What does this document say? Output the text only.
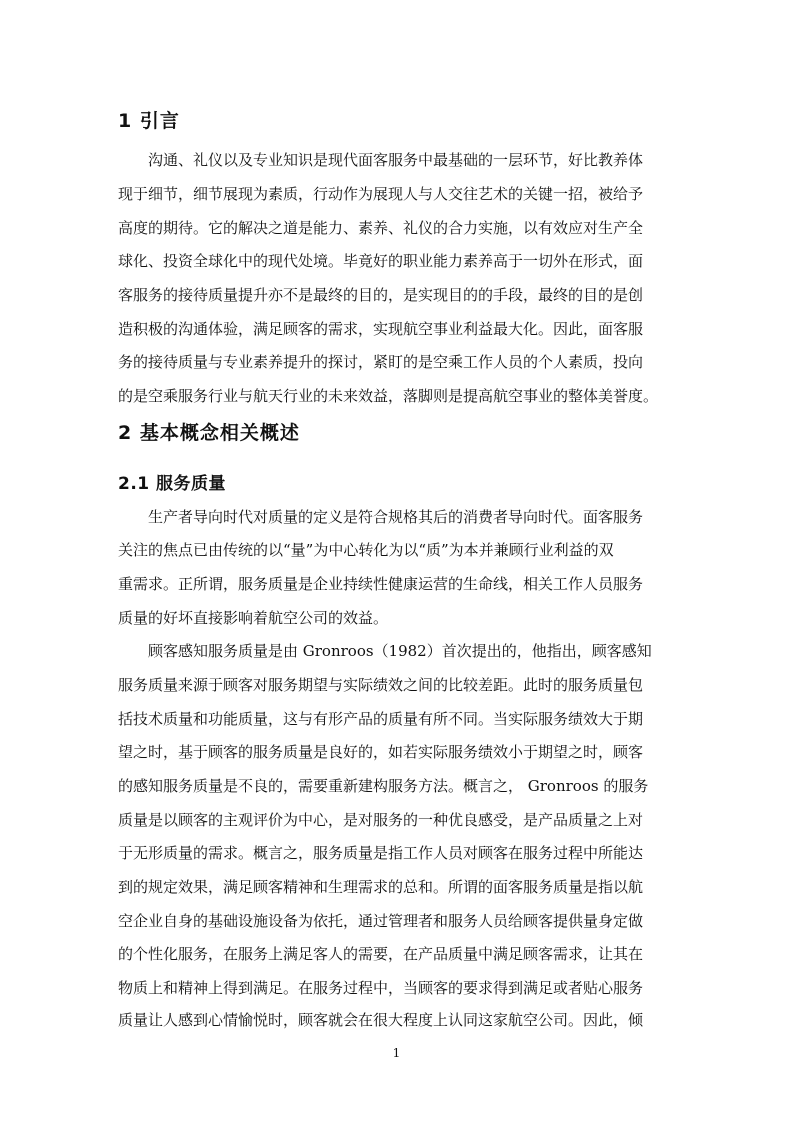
1 引言
沟通、礼仪以及专业知识是现代面客服务中最基础的一层环节，好比教养体
现于细节，细节展现为素质，行动作为展现人与人交往艺术的关键一招，被给予
高度的期待。它的解决之道是能力、素养、礼仪的合力实施，以有效应对生产全
球化、投资全球化中的现代处境。毕竟好的职业能力素养高于一切外在形式，面
客服务的接待质量提升亦不是最终的目的，是实现目的的手段，最终的目的是创
造积极的沟通体验，满足顾客的需求，实现航空事业利益最大化。因此，面客服
务的接待质量与专业素养提升的探讨，紧盯的是空乘工作人员的个人素质，投向
的是空乘服务行业与航天行业的未来效益，落脚则是提高航空事业的整体美誉度。
2 基本概念相关概述
2.1 服务质量
生产者导向时代对质量的定义是符合规格其后的消费者导向时代。面客服务
关注的焦点已由传统的以“量”为中心转化为以“质”为本并兼顾行业利益的双
重需求。正所谓，服务质量是企业持续性健康运营的生命线，相关工作人员服务
质量的好坏直接影响着航空公司的效益。
顾客感知服务质量是由 Gronroos（1982）首次提出的，他指出，顾客感知
服务质量来源于顾客对服务期望与实际绩效之间的比较差距。此时的服务质量包
括技术质量和功能质量，这与有形产品的质量有所不同。当实际服务绩效大于期
望之时，基于顾客的服务质量是良好的，如若实际服务绩效小于期望之时，顾客
的感知服务质量是不良的，需要重新建构服务方法。概言之， Gronroos 的服务
质量是以顾客的主观评价为中心，是对服务的一种优良感受，是产品质量之上对
于无形质量的需求。概言之，服务质量是指工作人员对顾客在服务过程中所能达
到的规定效果，满足顾客精神和生理需求的总和。所谓的面客服务质量是指以航
空企业自身的基础设施设备为依托，通过管理者和服务人员给顾客提供量身定做
的个性化服务，在服务上满足客人的需要，在产品质量中满足顾客需求，让其在
物质上和精神上得到满足。在服务过程中，当顾客的要求得到满足或者贴心服务
质量让人感到心情愉悦时，顾客就会在很大程度上认同这家航空公司。因此，倾
1
